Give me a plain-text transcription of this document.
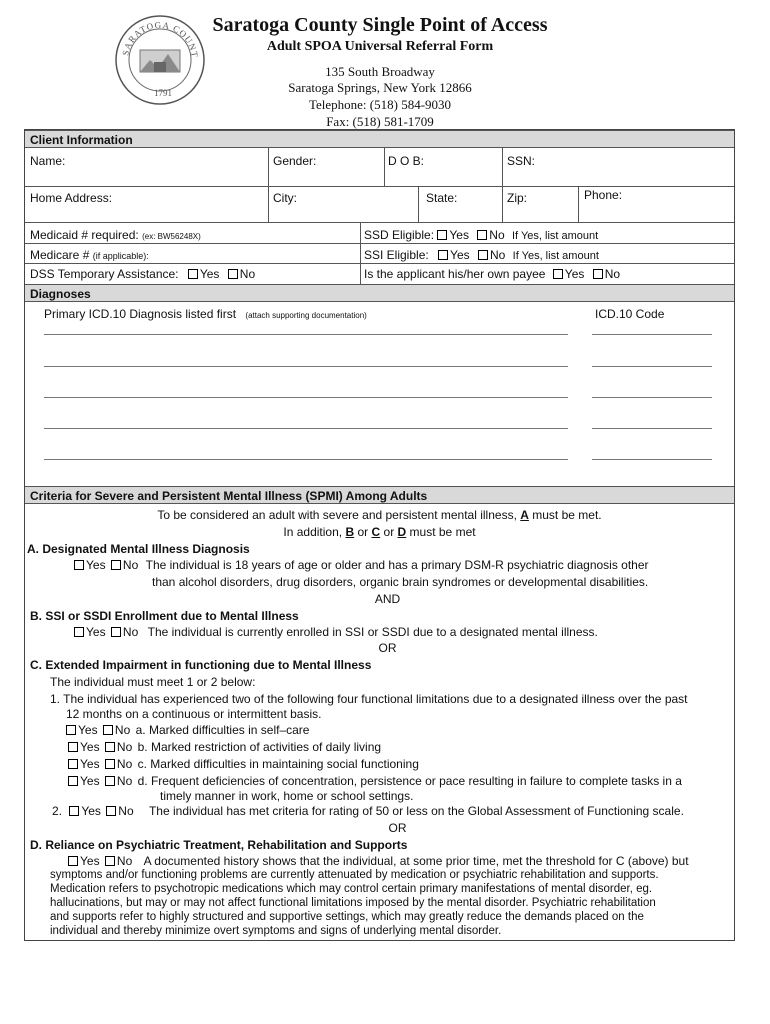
SARATOGA COUNT
1791
Saratoga County Single Point of Access
Adult SPOA Universal Referral Form
135 South Broadway
Saratoga Springs, New York 12866
Telephone: (518) 584-9030
Fax: (518) 581-1709
Client Information
Name:	Gender:	D O B:	SSN:
Home Address:	City:	State:	Zip:	Phone:
Medicaid # required: (ex: BW56248X)	SSD Eligible: Yes No If Yes, list amount
Medicare # (if applicable):	SSI Eligible: Yes No If Yes, list amount
DSS Temporary Assistance: Yes No	Is the applicant his/her own payee Yes No
Diagnoses
Primary ICD.10 Diagnosis listed first (attach supporting documentation)	ICD.10 Code
Criteria for Severe and Persistent Mental Illness (SPMI) Among Adults
To be considered an adult with severe and persistent mental illness, A must be met.
In addition, B or C or D must be met
A. Designated Mental Illness Diagnosis
Yes No The individual is 18 years of age or older and has a primary DSM-R psychiatric diagnosis other
than alcohol disorders, drug disorders, organic brain syndromes or developmental disabilities.
AND
B. SSI or SSDI Enrollment due to Mental Illness
Yes No The individual is currently enrolled in SSI or SSDI due to a designated mental illness.
OR
C. Extended Impairment in functioning due to Mental Illness
The individual must meet 1 or 2 below:
1. The individual has experienced two of the following four functional limitations due to a designated illness over the past
12 months on a continuous or intermittent basis.
Yes No a. Marked difficulties in self–care
Yes No b. Marked restriction of activities of daily living
Yes No c. Marked difficulties in maintaining social functioning
Yes No d. Frequent deficiencies of concentration, persistence or pace resulting in failure to complete tasks in a
timely manner in work, home or school settings.
2. Yes No The individual has met criteria for rating of 50 or less on the Global Assessment of Functioning scale.
OR
D. Reliance on Psychiatric Treatment, Rehabilitation and Supports
Yes No A documented history shows that the individual, at some prior time, met the threshold for C (above) but
symptoms and/or functioning problems are currently attenuated by medication or psychiatric rehabilitation and supports.
Medication refers to psychotropic medications which may control certain primary manifestations of mental disorder, eg.
hallucinations, but may or may not affect functional limitations imposed by the mental disorder. Psychiatric rehabilitation
and supports refer to highly structured and supportive settings, which may greatly reduce the demands placed on the
individual and thereby minimize overt symptoms and signs of underlying mental disorder.
